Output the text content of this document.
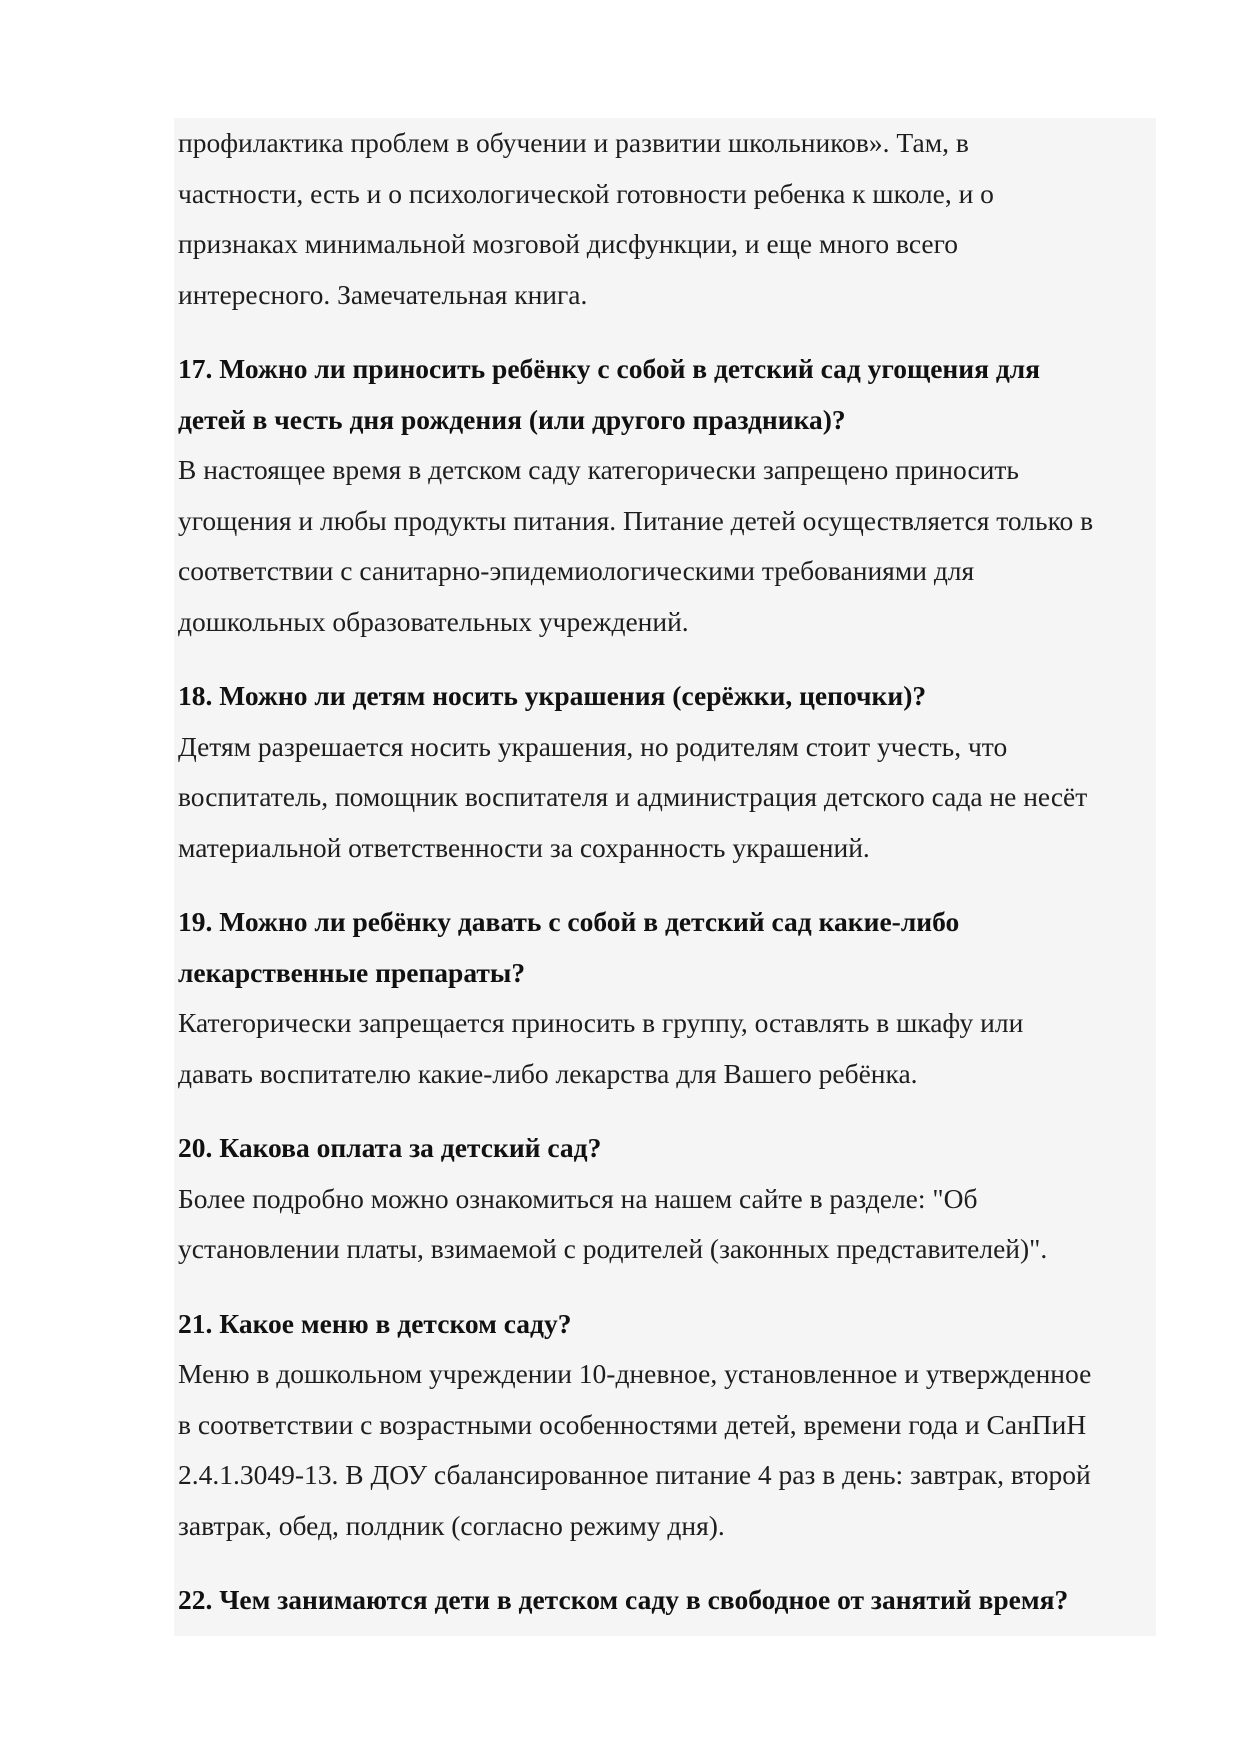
профилактика проблем в обучении и развитии школьников». Там, в
частности, есть и о психологической готовности ребенка к школе, и о
признаках минимальной мозговой дисфункции, и еще много всего
интересного. Замечательная книга.

17. Можно ли приносить ребёнку с собой в детский сад угощения для
детей в честь дня рождения (или другого праздника)?

В настоящее время в детском саду категорически запрещено приносить
угощения и любы продукты питания. Питание детей осуществляется только в
соответствии с санитарно-эпидемиологическими требованиями для
дошкольных образовательных учреждений.

18. Можно ли детям носить украшения (серёжки, цепочки)?

Детям разрешается носить украшения, но родителям стоит учесть, что
воспитатель, помощник воспитателя и администрация детского сада не несёт
материальной ответственности за сохранность украшений.

19. Можно ли ребёнку давать с собой в детский сад какие-либо
лекарственные препараты?

Категорически запрещается приносить в группу, оставлять в шкафу или
давать воспитателю какие-либо лекарства для Вашего ребёнка.

20. Какова оплата за детский сад?

Более подробно можно ознакомиться на нашем сайте в разделе: "Об
установлении платы, взимаемой с родителей (законных представителей)".

21. Какое меню в детском саду?

Меню в дошкольном учреждении 10-дневное, установленное и утвержденное
в соответствии с возрастными особенностями детей, времени года и СанПиН
2.4.1.3049-13. В ДОУ сбалансированное питание 4 раз в день: завтрак, второй
завтрак, обед, полдник (согласно режиму дня).

22. Чем занимаются дети в детском саду в свободное от занятий время?
